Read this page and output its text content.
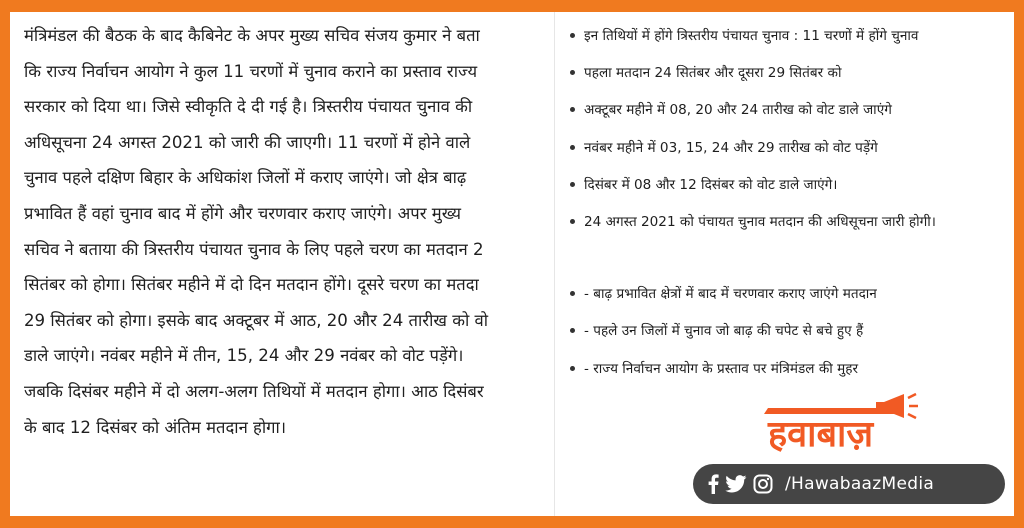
मंत्रिमंडल की बैठक के बाद कैबिनेट के अपर मुख्य सचिव संजय कुमार ने बता
कि राज्य निर्वाचन आयोग ने कुल 11 चरणों में चुनाव कराने का प्रस्ताव राज्य
सरकार को दिया था। जिसे स्वीकृति दे दी गई है। त्रिस्तरीय पंचायत चुनाव की
अधिसूचना 24 अगस्त 2021 को जारी की जाएगी। 11 चरणों में होने वाले
चुनाव पहले दक्षिण बिहार के अधिकांश जिलों में कराए जाएंगे। जो क्षेत्र बाढ़
प्रभावित हैं वहां चुनाव बाद में होंगे और चरणवार कराए जाएंगे। अपर मुख्य
सचिव ने बताया की त्रिस्तरीय पंचायत चुनाव के लिए पहले चरण का मतदान 2
सितंबर को होगा। सितंबर महीने में दो दिन मतदान होंगे। दूसरे चरण का मतदा
29 सितंबर को होगा। इसके बाद अक्टूबर में आठ, 20 और 24 तारीख को वो
डाले जाएंगे। नवंबर महीने में तीन, 15, 24 और 29 नवंबर को वोट पड़ेंगे।
जबकि दिसंबर महीने में दो अलग-अलग तिथियों में मतदान होगा। आठ दिसंबर
के बाद 12 दिसंबर को अंतिम मतदान होगा।

इन तिथियों में होंगे त्रिस्तरीय पंचायत चुनाव : 11 चरणों में होंगे चुनाव
पहला मतदान 24 सितंबर और दूसरा 29 सितंबर को
अक्टूबर महीने में 08, 20 और 24 तारीख को वोट डाले जाएंगे
नवंबर महीने में 03, 15, 24 और 29 तारीख को वोट पड़ेंगे
दिसंबर में 08 और 12 दिसंबर को वोट डाले जाएंगे।
24 अगस्त 2021 को पंचायत चुनाव मतदान की अधिसूचना जारी होगी।
- बाढ़ प्रभावित क्षेत्रों में बाद में चरणवार कराए जाएंगे मतदान
- पहले उन जिलों में चुनाव जो बाढ़ की चपेट से बचे हुए हैं
- राज्य निर्वाचन आयोग के प्रस्ताव पर मंत्रिमंडल की मुहर
हवाबाज़
/HawabaazMedia
